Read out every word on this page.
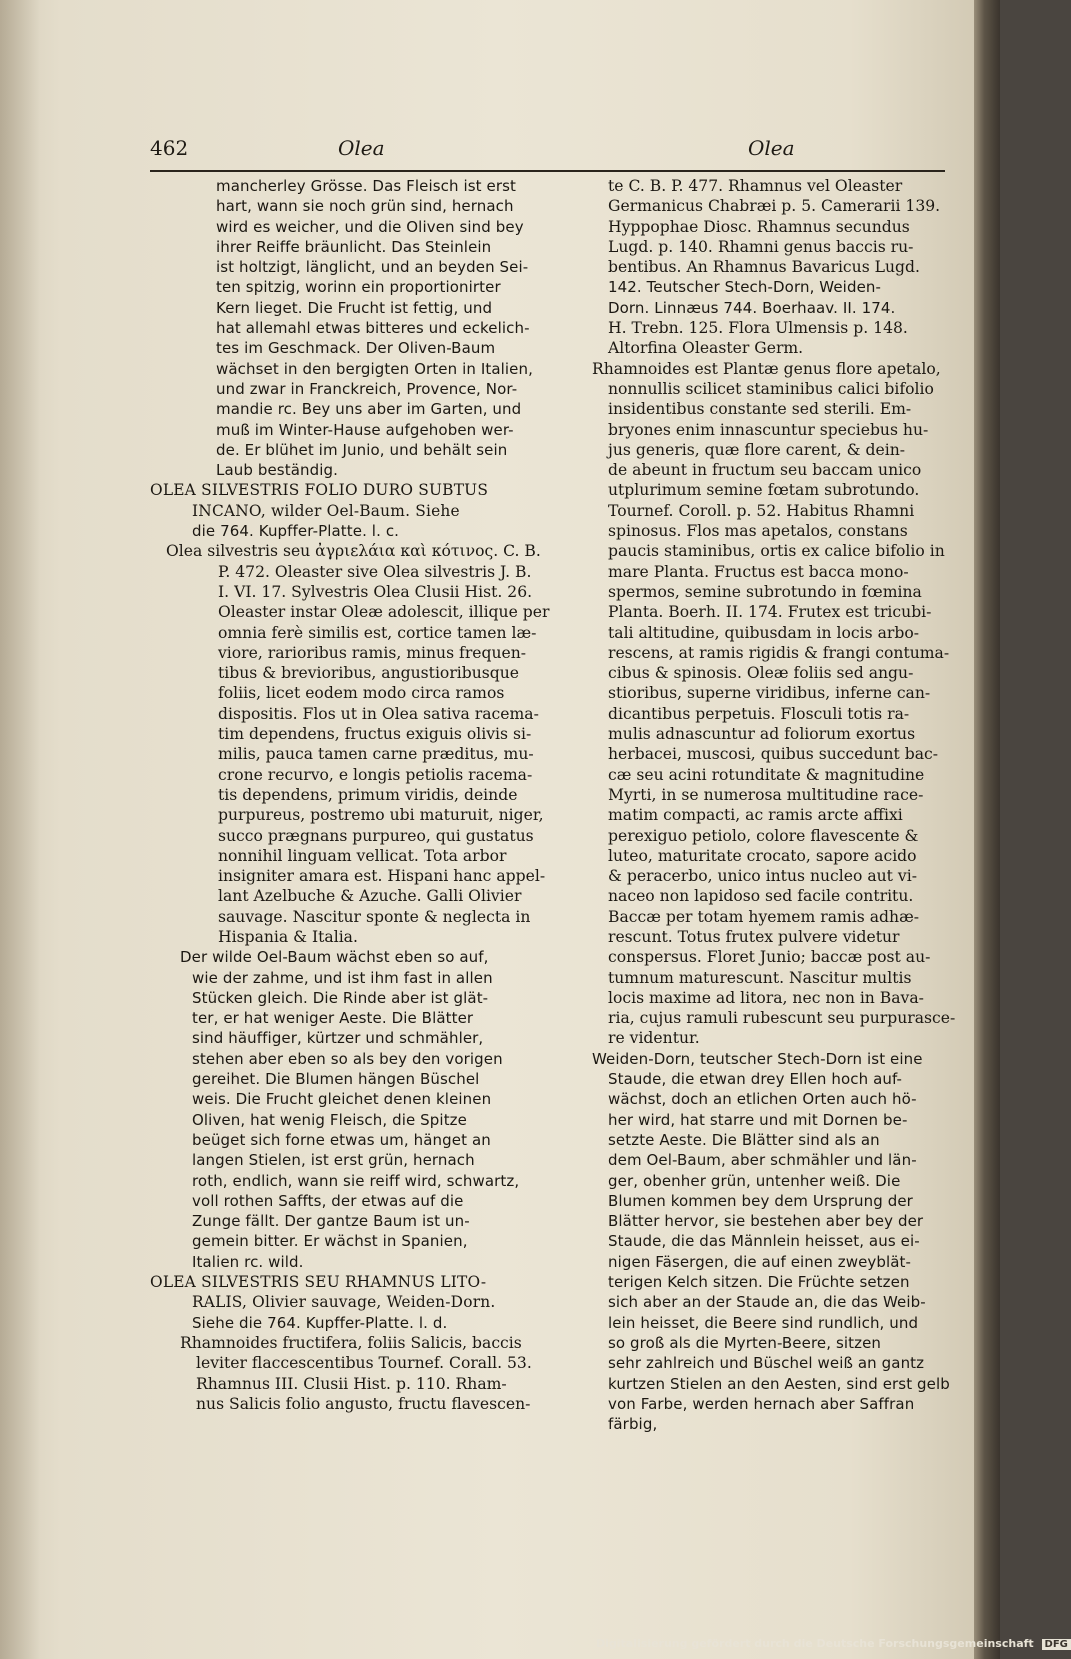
462	Olea	Olea
mancherley Grösse. Das Fleisch ist erst
hart, wann sie noch grün sind, hernach
wird es weicher, und die Oliven sind bey
ihrer Reiffe bräunlicht. Das Steinlein
ist holtzigt, länglicht, und an beyden Sei-
ten spitzig, worinn ein proportionirter
Kern lieget. Die Frucht ist fettig, und
hat allemahl etwas bitteres und eckelich-
tes im Geschmack. Der Oliven-Baum
wächset in den bergigten Orten in Italien,
und zwar in Franckreich, Provence, Nor-
mandie rc. Bey uns aber im Garten, und
muß im Winter-Hause aufgehoben wer-
de. Er blühet im Junio, und behält sein
Laub beständig.
OLEA SILVESTRIS FOLIO DURO SUBTUS
INCANO, wilder Oel-Baum. Siehe
die 764. Kupffer-Platte. l. c.
Olea silvestris seu ἀγριελάια καὶ κότινος. C. B.
P. 472. Oleaster sive Olea silvestris J. B.
I. VI. 17. Sylvestris Olea Clusii Hist. 26.
Oleaster instar Oleæ adolescit, illique per
omnia ferè similis est, cortice tamen læ-
viore, rarioribus ramis, minus frequen-
tibus & brevioribus, angustioribusque
foliis, licet eodem modo circa ramos
dispositis. Flos ut in Olea sativa racema-
tim dependens, fructus exiguis olivis si-
milis, pauca tamen carne præditus, mu-
crone recurvo, e longis petiolis racema-
tis dependens, primum viridis, deinde
purpureus, postremo ubi maturuit, niger,
succo prægnans purpureo, qui gustatus
nonnihil linguam vellicat. Tota arbor
insigniter amara est. Hispani hanc appel-
lant Azelbuche & Azuche. Galli Olivier
sauvage. Nascitur sponte & neglecta in
Hispania & Italia.
Der wilde Oel-Baum wächst eben so auf,
wie der zahme, und ist ihm fast in allen
Stücken gleich. Die Rinde aber ist glät-
ter, er hat weniger Aeste. Die Blätter
sind häuffiger, kürtzer und schmähler,
stehen aber eben so als bey den vorigen
gereihet. Die Blumen hängen Büschel
weis. Die Frucht gleichet denen kleinen
Oliven, hat wenig Fleisch, die Spitze
beüget sich forne etwas um, hänget an
langen Stielen, ist erst grün, hernach
roth, endlich, wann sie reiff wird, schwartz,
voll rothen Saffts, der etwas auf die
Zunge fällt. Der gantze Baum ist un-
gemein bitter. Er wächst in Spanien,
Italien rc. wild.
OLEA SILVESTRIS SEU RHAMNUS LITO-
RALIS, Olivier sauvage, Weiden-Dorn.
Siehe die 764. Kupffer-Platte. l. d.
Rhamnoides fructifera, foliis Salicis, baccis
leviter flaccescentibus Tournef. Corall. 53.
Rhamnus III. Clusii Hist. p. 110. Rham-
nus Salicis folio angusto, fructu flavescen-
te C. B. P. 477. Rhamnus vel Oleaster
Germanicus Chabræi p. 5. Camerarii 139.
Hyppophae Diosc. Rhamnus secundus
Lugd. p. 140. Rhamni genus baccis ru-
bentibus. An Rhamnus Bavaricus Lugd.
142. Teutscher Stech-Dorn, Weiden-
Dorn. Linnæus 744. Boerhaav. II. 174.
H. Trebn. 125. Flora Ulmensis p. 148.
Altorfina Oleaster Germ.
Rhamnoides est Plantæ genus flore apetalo,
nonnullis scilicet staminibus calici bifolio
insidentibus constante sed sterili. Em-
bryones enim innascuntur speciebus hu-
jus generis, quæ flore carent, & dein-
de abeunt in fructum seu baccam unico
utplurimum semine fœtam subrotundo.
Tournef. Coroll. p. 52. Habitus Rhamni
spinosus. Flos mas apetalos, constans
paucis staminibus, ortis ex calice bifolio in
mare Planta. Fructus est bacca mono-
spermos, semine subrotundo in fœmina
Planta. Boerh. II. 174. Frutex est tricubi-
tali altitudine, quibusdam in locis arbo-
rescens, at ramis rigidis & frangi contuma-
cibus & spinosis. Oleæ foliis sed angu-
stioribus, superne viridibus, inferne can-
dicantibus perpetuis. Flosculi totis ra-
mulis adnascuntur ad foliorum exortus
herbacei, muscosi, quibus succedunt bac-
cæ seu acini rotunditate & magnitudine
Myrti, in se numerosa multitudine race-
matim compacti, ac ramis arcte affixi
perexiguo petiolo, colore flavescente &
luteo, maturitate crocato, sapore acido
& peracerbo, unico intus nucleo aut vi-
naceo non lapidoso sed facile contritu.
Baccæ per totam hyemem ramis adhæ-
rescunt. Totus frutex pulvere videtur
conspersus. Floret Junio; baccæ post au-
tumnum maturescunt. Nascitur multis
locis maxime ad litora, nec non in Bava-
ria, cujus ramuli rubescunt seu purpurasce-
re videntur.
Weiden-Dorn, teutscher Stech-Dorn ist eine
Staude, die etwan drey Ellen hoch auf-
wächst, doch an etlichen Orten auch hö-
her wird, hat starre und mit Dornen be-
setzte Aeste. Die Blätter sind als an
dem Oel-Baum, aber schmähler und län-
ger, obenher grün, untenher weiß. Die
Blumen kommen bey dem Ursprung der
Blätter hervor, sie bestehen aber bey der
Staude, die das Männlein heisset, aus ei-
nigen Fäsergen, die auf einen zweyblät-
terigen Kelch sitzen. Die Früchte setzen
sich aber an der Staude an, die das Weib-
lein heisset, die Beere sind rundlich, und
so groß als die Myrten-Beere, sitzen
sehr zahlreich und Büschel weiß an gantz
kurtzen Stielen an den Aesten, sind erst gelb
von Farbe, werden hernach aber Saffran
färbig,
Digitalisierung gefördert durch die Deutsche Forschungsgemeinschaft DFG
